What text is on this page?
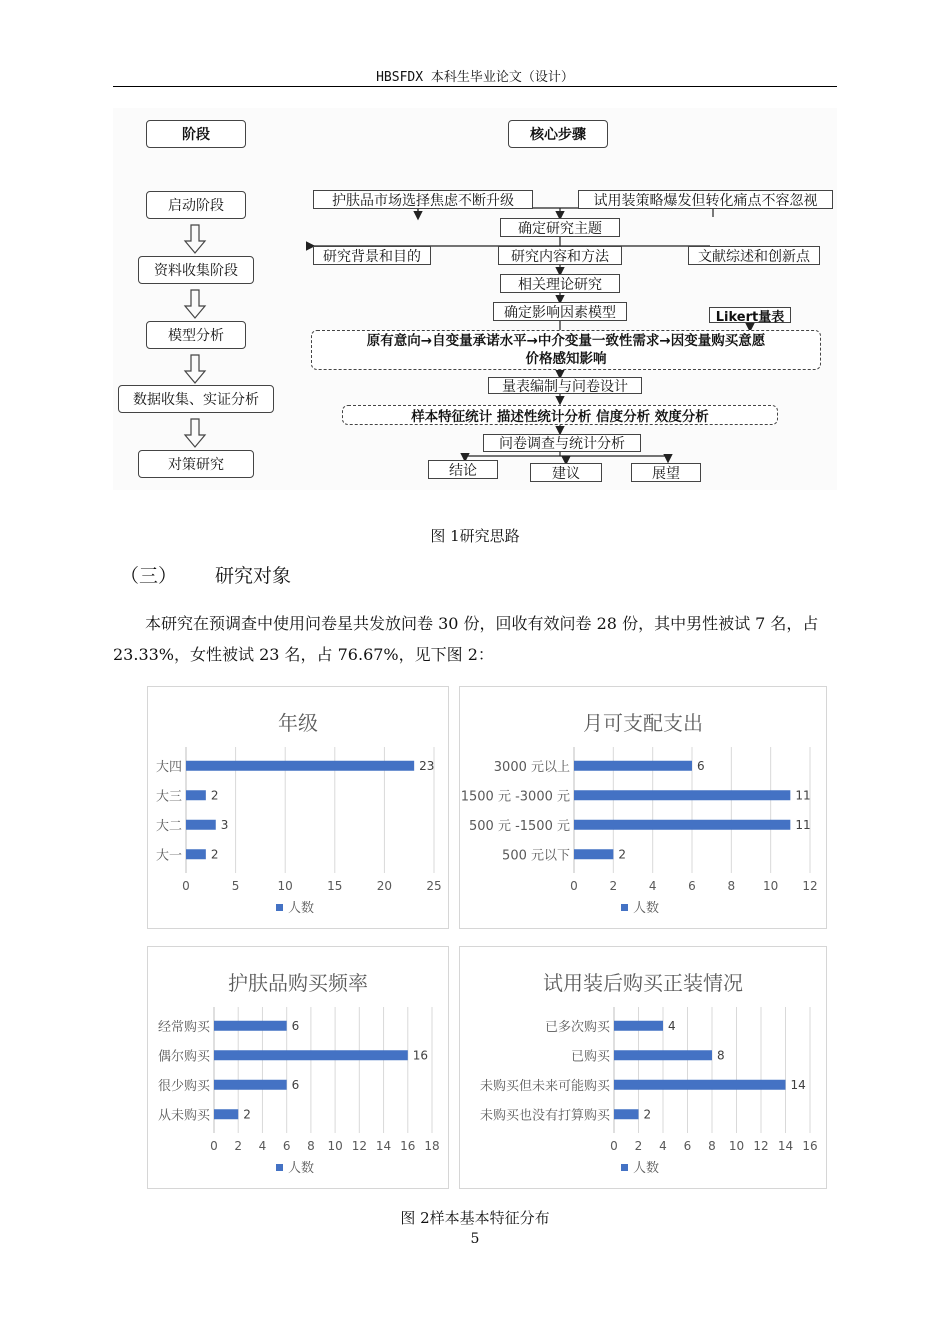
HBSFDX 本科生毕业论文（设计）
阶段	核心步骤
启动阶段
资料收集阶段
模型分析
数据收集、实证分析
对策研究
护肤品市场选择焦虑不断升级	试用装策略爆发但转化痛点不容忽视
确定研究主题
研究背景和目的	研究内容和方法	文献综述和创新点
相关理论研究
确定影响因素模型	Likert量表
原有意向→自变量承诺水平→中介变量一致性需求→因变量购买意愿
价格感知影响
量表编制与问卷设计
样本特征统计 描述性统计分析 信度分析 效度分析
问卷调查与统计分析
结论	建议	展望
图 1研究思路
（三） 研究对象
本研究在预调查中使用问卷星共发放问卷 30 份，回收有效问卷 28 份，其中男性被试 7 名，占 23.33%，女性被试 23 名，占 76.67%，见下图 2：
年级
0	5	10	15	20	25
大四	23
大三 2
大二	3
大一 2
人数
月可支配支出
0	2	4	6	8 10 12
3000 元以上	6
1500 元 -3000 元	11
500 元 -1500 元	11
500 元以下	2
人数
护肤品购买频率
0 2 4 6 8 10 12 14 16 18
经常购买	6
偶尔购买	16
很少购买	6
从未购买	2
人数
试用装后购买正装情况
0 2 4 6 8 10 12 14 16
已多次购买	4
已购买	8
未购买但未来可能购买	14
未购买也没有打算购买	2
人数
图 2样本基本特征分布
5
